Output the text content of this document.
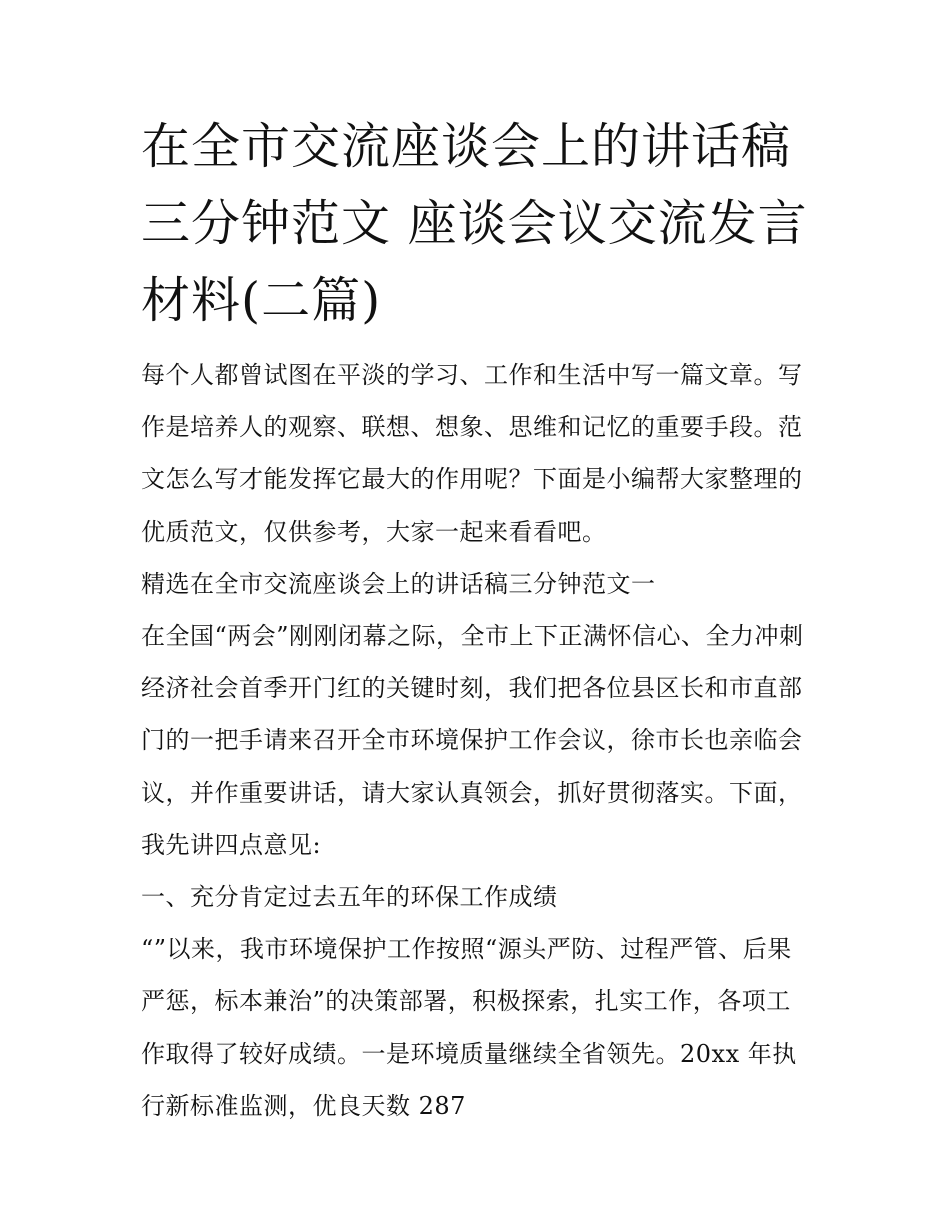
在全市交流座谈会上的讲话稿
三分钟范文 座谈会议交流发言
材料(二篇)
每个人都曾试图在平淡的学习、工作和生活中写一篇文章。写
作是培养人的观察、联想、想象、思维和记忆的重要手段。范
文怎么写才能发挥它最大的作用呢？下面是小编帮大家整理的
优质范文，仅供参考，大家一起来看看吧。
精选在全市交流座谈会上的讲话稿三分钟范文一
在全国“两会”刚刚闭幕之际，全市上下正满怀信心、全力冲刺
经济社会首季开门红的关键时刻，我们把各位县区长和市直部
门的一把手请来召开全市环境保护工作会议，徐市长也亲临会
议，并作重要讲话，请大家认真领会，抓好贯彻落实。下面，
我先讲四点意见:
一、充分肯定过去五年的环保工作成绩
“”以来，我市环境保护工作按照“源头严防、过程严管、后果
严惩，标本兼治”的决策部署，积极探索，扎实工作，各项工
作取得了较好成绩。一是环境质量继续全省领先。20xx 年执
行新标准监测，优良天数 287
